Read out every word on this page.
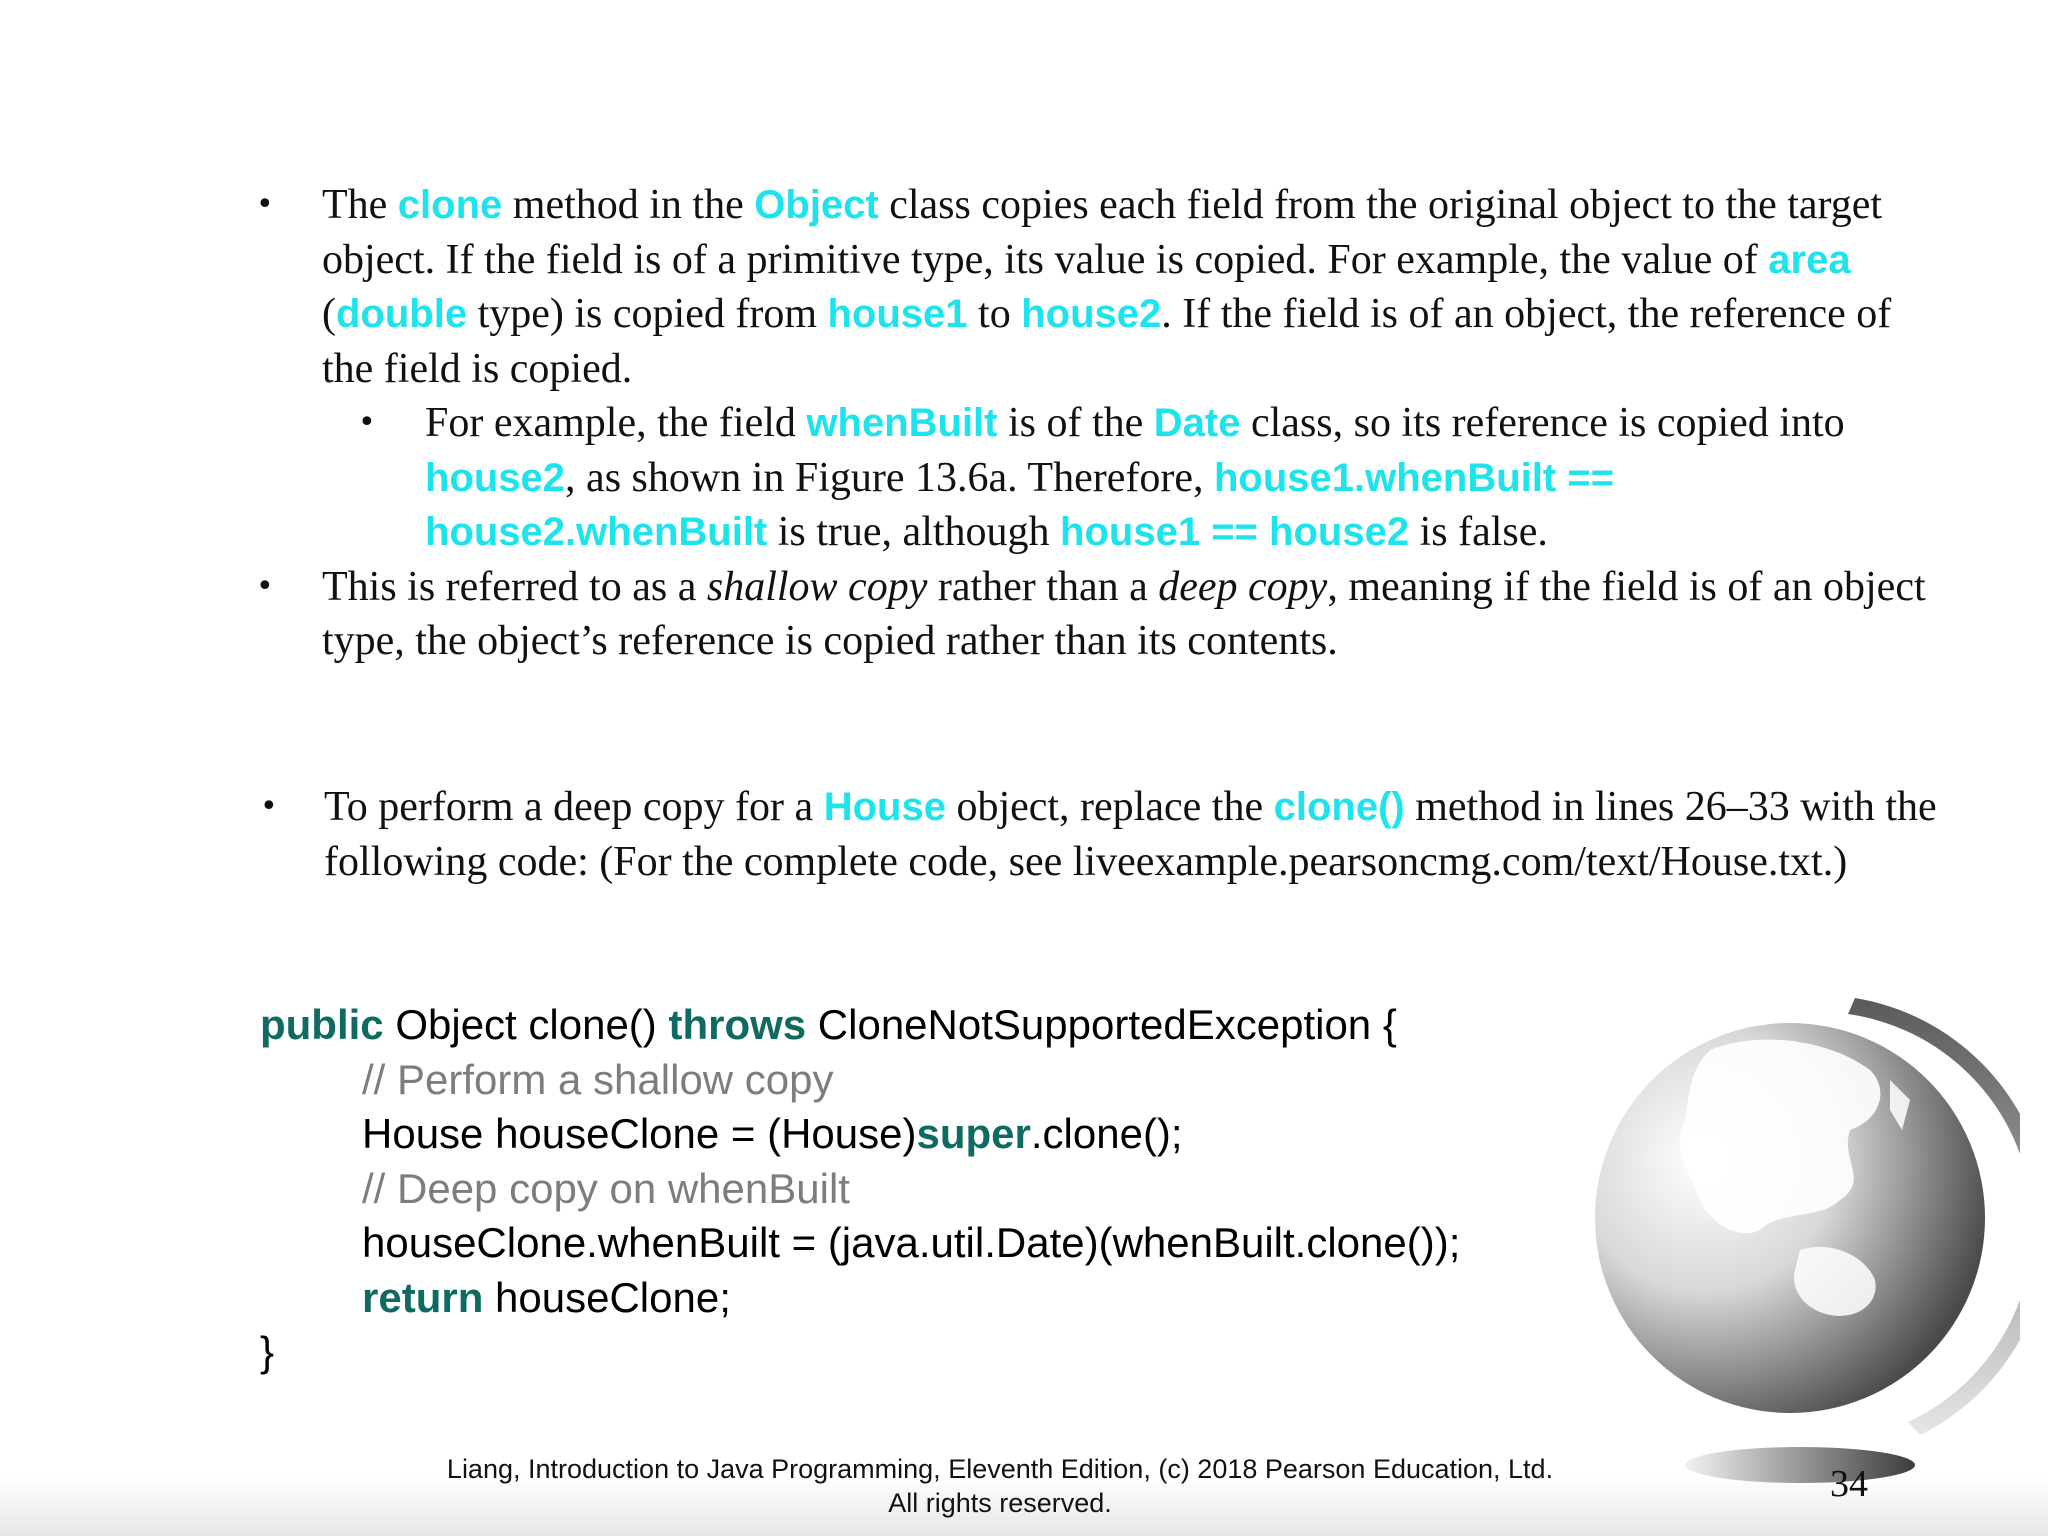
• The clone method in the Object class copies each field from the original object to the target object. If the field is of a primitive type, its value is copied. For example, the value of area (double type) is copied from house1 to house2. If the field is of an object, the reference of the field is copied.
• For example, the field whenBuilt is of the Date class, so its reference is copied into house2, as shown in Figure 13.6a. Therefore, house1.whenBuilt == house2.whenBuilt is true, although house1 == house2 is false.
• This is referred to as a shallow copy rather than a deep copy, meaning if the field is of an object type, the object’s reference is copied rather than its contents.
• To perform a deep copy for a House object, replace the clone() method in lines 26–33 with the following code: (For the complete code, see liveexample.pearsoncmg.com/text/House.txt.)
public Object clone() throws CloneNotSupportedException {
// Perform a shallow copy
House houseClone = (House)super.clone();
// Deep copy on whenBuilt
houseClone.whenBuilt = (java.util.Date)(whenBuilt.clone());
return houseClone;
}
Liang, Introduction to Java Programming, Eleventh Edition, (c) 2018 Pearson Education, Ltd.
All rights reserved.	34
